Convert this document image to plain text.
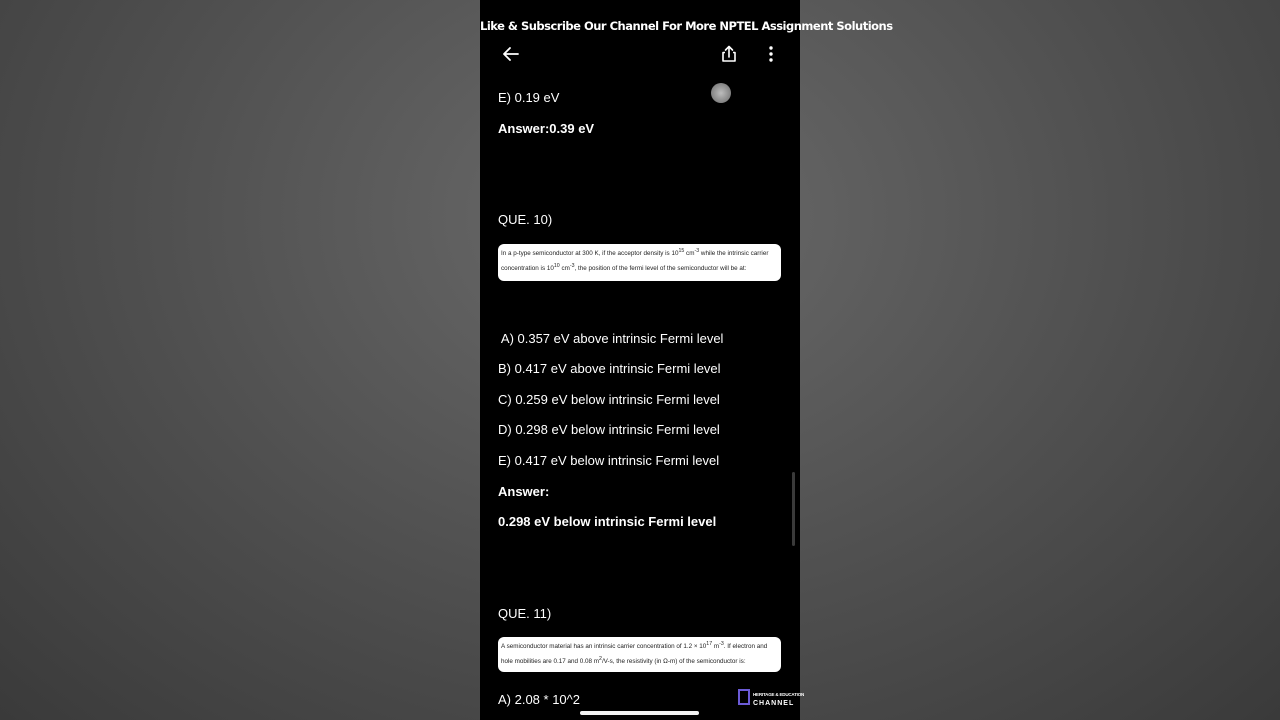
Like & Subscribe Our Channel For More NPTEL Assignment Solutions
E) 0.19 eV
Answer:0.39 eV
QUE. 10)
In a p-type semiconductor at 300 K, if the acceptor density is $10^{15}$ $cm^{-3}$ while the intrinsic carrier concentration is $10^{10}$ $cm^{-3}$, the position of the fermi level of the semiconductor will be at:
A) 0.357 eV above intrinsic Fermi level
B) 0.417 eV above intrinsic Fermi level
C) 0.259 eV below intrinsic Fermi level
D) 0.298 eV below intrinsic Fermi level
E) 0.417 eV below intrinsic Fermi level
Answer:
0.298 eV below intrinsic Fermi level
QUE. 11)
A semiconductor material has an intrinsic carrier concentration of $1.2 \times 10^{17}$ $m^{-3}$. If electron and hole mobilities are 0.17 and 0.08 $m^2/V-s$, the resistivity (in Ω-m) of the semiconductor is:
A) 2.08 * 10^2	HERITAGE & EDUCATION
CHANNEL
